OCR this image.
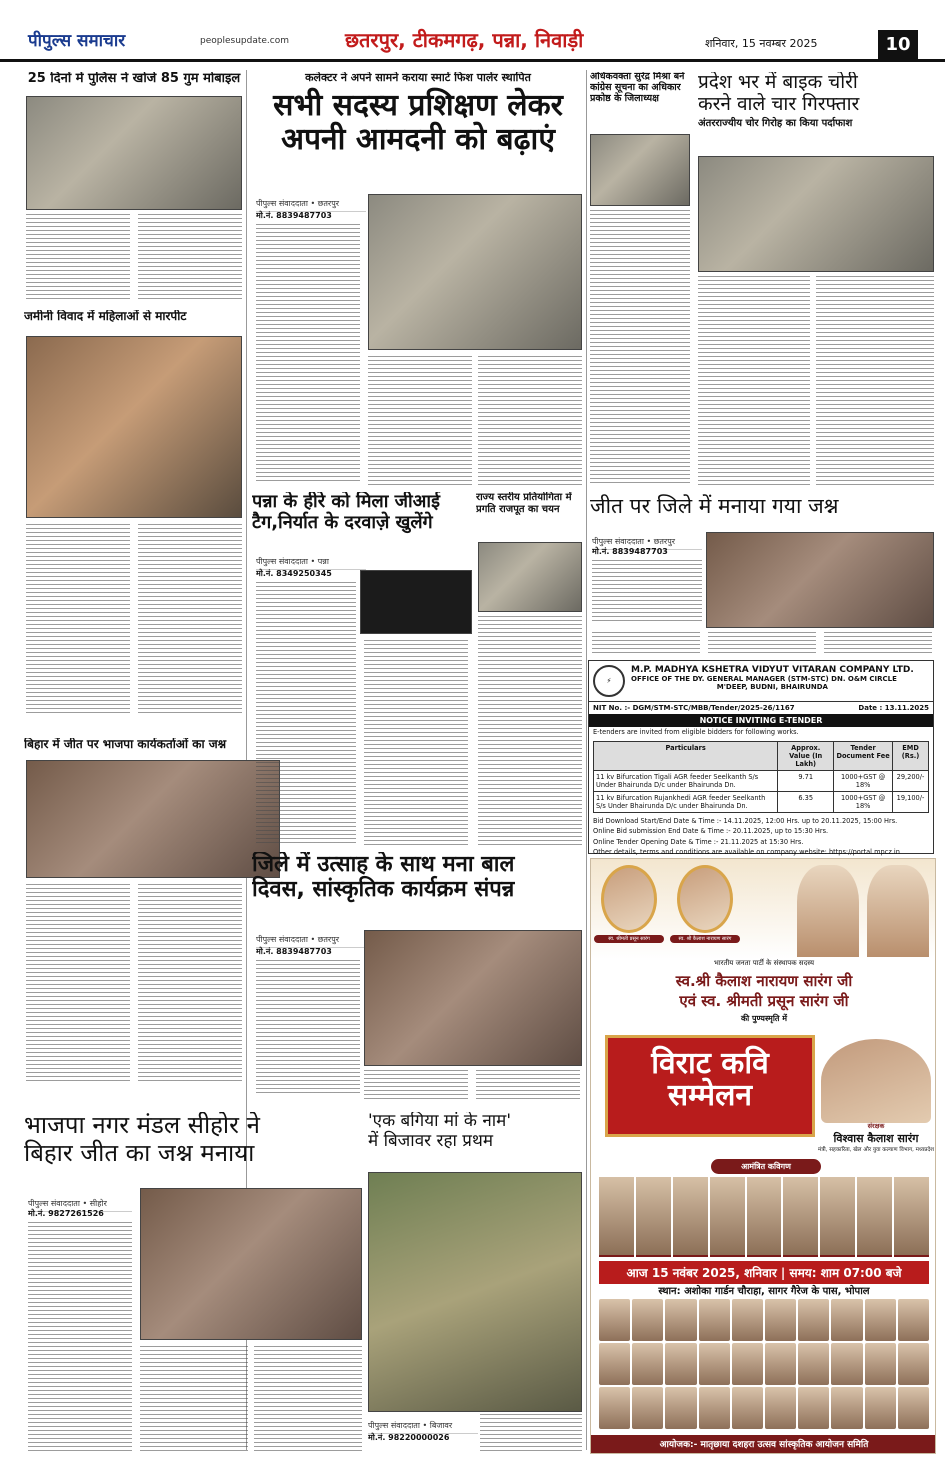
पीपुल्स समाचार	peoplesupdate.com	छतरपुर, टीकमगढ़, पन्ना, निवाड़ी	शनिवार, 15 नवम्बर 2025	10
25 दिनों में पुलिस ने खोजे 85 गुम मोबाइल
जमीनी विवाद में महिलाओं से मारपीट
बिहार में जीत पर भाजपा कार्यकर्ताओं का जश्न
कलेक्टर ने अपने सामने कराया स्मार्ट फिश पार्लर स्थापित
सभी सदस्य प्रशिक्षण लेकर
अपनी आमदनी को बढ़ाएं
पीपुल्स संवाददाता • छतरपुर
मो.नं. 8839487703
पन्ना के हीरे को मिला जीआई
टैग,निर्यात के दरवाज़े खुलेंगे
पीपुल्स संवाददाता • पन्ना
मो.नं. 8349250345
राज्य स्तरीय प्रतियोगिता में प्रगति राजपूत का चयन
जिले में उत्साह के साथ मना बाल
दिवस, सांस्कृतिक कार्यक्रम संपन्न
पीपुल्स संवाददाता • छतरपुर
मो.नं. 8839487703
भाजपा नगर मंडल सीहोर ने
बिहार जीत का जश्न मनाया
पीपुल्स संवाददाता • सीहोर
मो.नं. 9827261526
'एक बगिया मां के नाम'
में बिजावर रहा प्रथम
पीपुल्स संवाददाता • बिजावर
मो.नं. 98220000026
अधिकवक्ता सुरेंद्र मिश्रा बने कांग्रेस सूचना का अधिकार प्रकोष्ठ के जिलाध्यक्ष
प्रदेश भर में बाइक चोरी
करने वाले चार गिरफ्तार
अंतरराज्यीय चोर गिरोह का किया पर्दाफाश
जीत पर जिले में मनाया गया जश्न
पीपुल्स संवाददाता • छतरपुर
मो.नं. 8839487703
⚡
M.P. MADHYA KSHETRA VIDYUT VITARAN COMPANY LTD.
OFFICE OF THE DY. GENERAL MANAGER (STM-STC) DN. O&M CIRCLE
M'DEEP, BUDNI, BHAIRUNDA
NIT No. :- DGM/STM-STC/MBB/Tender/2025-26/1167	Date : 13.11.2025
NOTICE INVITING E-TENDER
E-tenders are invited from eligible bidders for following works.
Particulars	Approx. Value (In Lakh)	Tender Document Fee	EMD (Rs.)
11 kv Bifurcation Tigali AGR feeder Seelkanth S/s Under Bhairunda D/c under Bhairunda Dn.	9.71	1000+GST @ 18%	29,200/-
11 kv Bifurcation Rujankhedi AGR feeder Seelkanth S/s Under Bhairunda D/c under Bhairunda Dn.	6.35	1000+GST @ 18%	19,100/-
Bid Download Start/End Date & Time :- 14.11.2025, 12:00 Hrs. up to 20.11.2025, 15:00 Hrs.
Online Bid submission End Date & Time :- 20.11.2025, up to 15:30 Hrs.
Online Tender Opening Date & Time :- 21.11.2025 at 15:30 Hrs.
Other details, terms and conditions are available on company website: https://portal.mpcz.in
स्व. श्रीमती प्रसून सारंग	स्व. श्री कैलाश नारायण सारंग
भारतीय जनता पार्टी के संस्थापक सदस्य
स्व.श्री कैलाश नारायण सारंग जी
एवं स्व. श्रीमती प्रसून सारंग जी
की पुण्यस्मृति में
विराट कवि
सम्मेलन
संरक्षक
विश्वास कैलाश सारंग
मंत्री, सहकारिता, खेल और युवा कल्याण विभाग, मध्यप्रदेश
आमंत्रित कविगण
आज 15 नवंबर 2025, शनिवार | समय: शाम 07:00 बजे
स्थान: अशोका गार्डन चौराहा, सागर गैरेज के पास, भोपाल
आयोजक:- मातृछाया दशहरा उत्सव सांस्कृतिक आयोजन समिति
